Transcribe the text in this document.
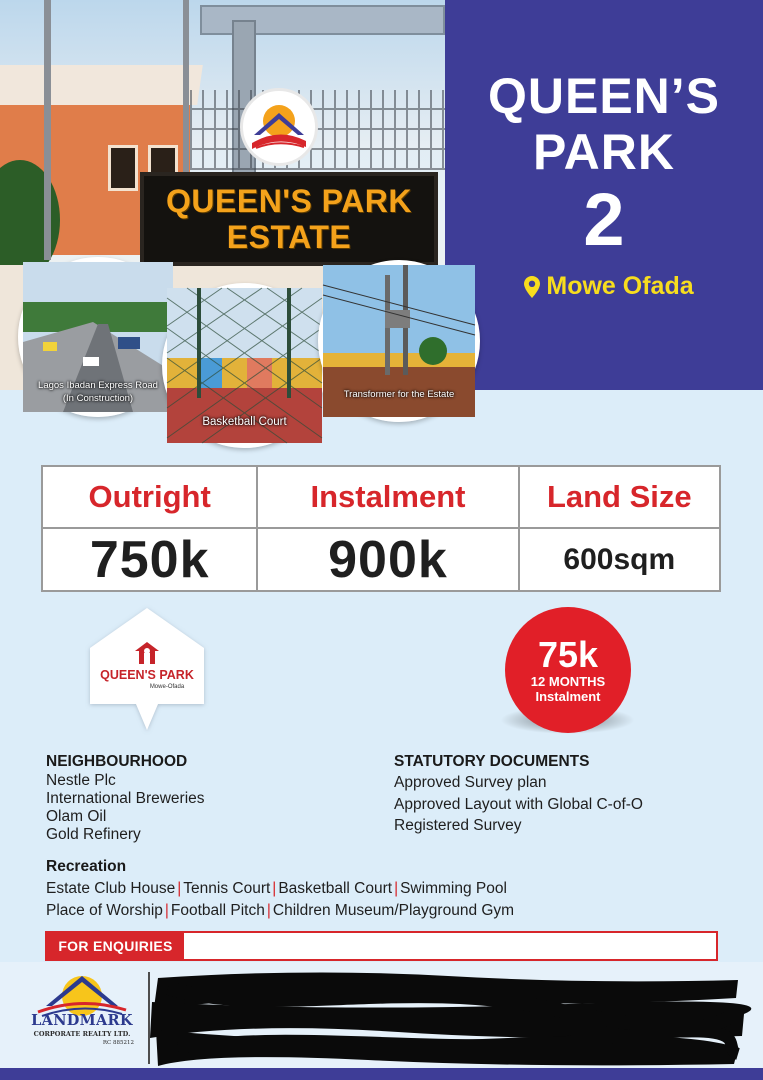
QUEEN'S PARK
ESTATE
Lagos Ibadan Express Road
(In Construction)
Basketball Court
Transformer for the Estate
QUEEN’S
PARK
2
Mowe Ofada
Outright	Instalment	Land Size
750k	900k	600sqm
QUEEN'S PARK
Mowe-Ofada
75k
12 MONTHS
Instalment
NEIGHBOURHOOD
Nestle Plc
International Breweries
Olam Oil
Gold Refinery
STATUTORY DOCUMENTS
Approved Survey plan
Approved Layout with Global C-of-O
Registered Survey
Recreation
Estate Club House | Tennis Court | Basketball Court | Swimming Pool
Place of Worship | Football Pitch | Children Museum/Playground Gym
FOR ENQUIRIES
LANDMARK
CORPORATE REALTY LTD.
RC 885212
